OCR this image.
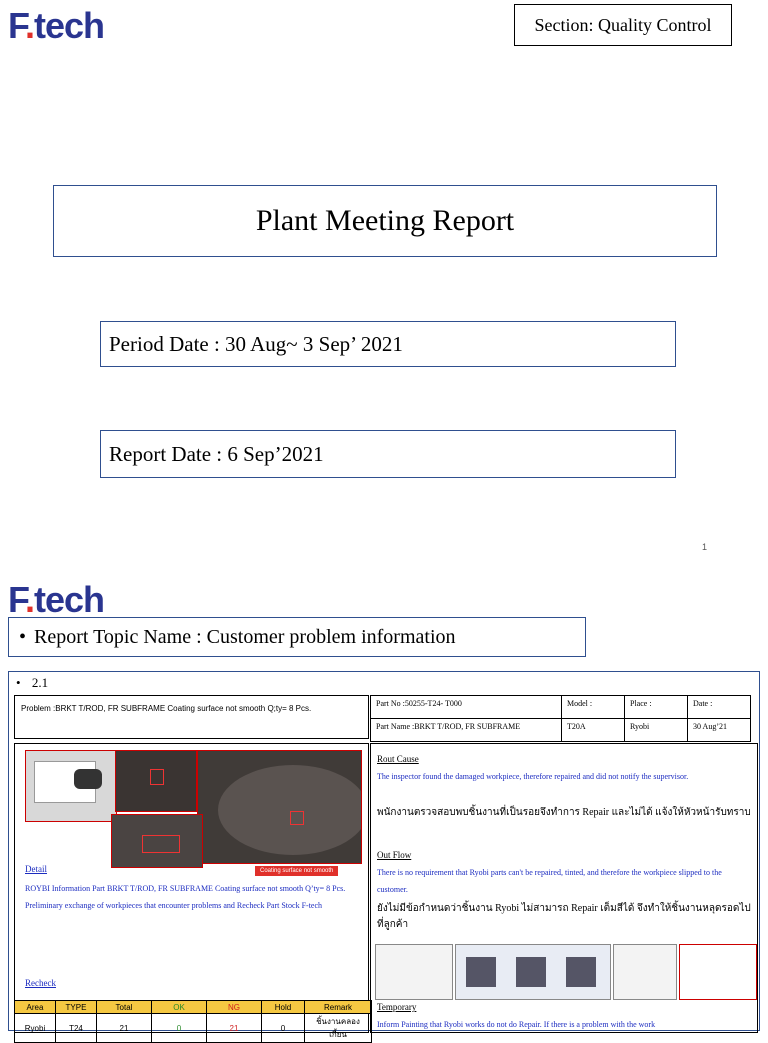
F.tech	Section: Quality Control
Plant Meeting Report
Period Date : 30 Aug~ 3 Sep’ 2021
Report Date : 6 Sep’2021
1
F.tech
• Report Topic Name : Customer problem information
• 2.1
Problem :BRKT T/ROD, FR SUBFRAME Coating surface not smooth Q;ty= 8 Pcs.
Part No :50255-T24- T000	Model :	Place :	Date :
Part Name :BRKT T/ROD, FR SUBFRAME	T20A	Ryobi	30 Aug’21
Coating surface not smooth
Detail
ROYBI Information Part BRKT T/ROD, FR SUBFRAME Coating surface not smooth Q’ty= 8 Pcs. Preliminary exchange of workpieces that encounter problems and Recheck Part Stock F-tech
Recheck
Area	TYPE	Total	OK	NG	Hold	Remark
Ryobi	T24	21	0	21	0	ชิ้นงานคลองเกี้ยน
Rout Cause
The inspector found the damaged workpiece, therefore repaired and did not notify the supervisor.
พนักงานตรวจสอบพบชิ้นงานที่เป็นรอยจึงทำการ Repair และไม่ได้ แจ้งให้หัวหน้ารับทราบ
Out Flow
There is no requirement that Ryobi parts can't be repaired, tinted, and therefore the workpiece slipped to the customer.
ยังไม่มีข้อกำหนดว่าชิ้นงาน Ryobi ไม่สามารถ Repair เต็มสีได้ จึงทำให้ชิ้นงานหลุดรอดไปที่ลูกค้า
Temporary
Inform Painting that Ryobi works do not do Repair. If there is a problem with the work
